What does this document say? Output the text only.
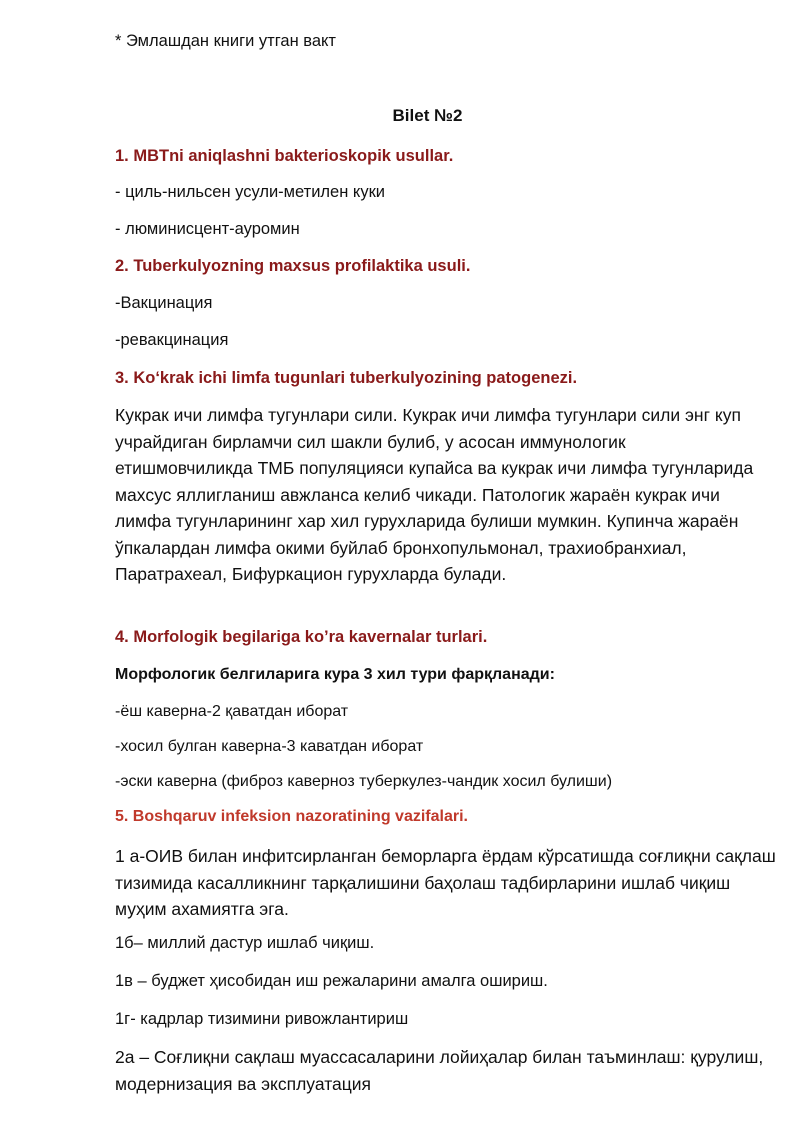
* Эмлашдан книги утган вакт

Bilet №2

1. MBTni aniqlashni bakterioskopik usullar.

- циль-нильсен усули-метилен куки

- люминисцент-ауромин

2. Tuberkulyozning maxsus profilaktika usuli.

-Вакцинация

-ревакцинация

3. Ko‘krak ichi limfa tugunlari tuberkulyozining patogenezi.

Кукрак ичи лимфа тугунлари сили. Кукрак ичи лимфа тугунлари сили энг куп учрайдиган бирламчи сил шакли булиб, у асосан иммунологик етишмовчиликда ТМБ популяцияси купайса ва кукрак ичи лимфа тугунларида махсус яллигланиш авжланса келиб чикади. Патологик жараён кукрак ичи лимфа тугунларининг хар хил гурухларида булиши мумкин. Купинча жараён ўпкалардан лимфа окими буйлаб бронхопульмонал, трахиобранхиал, Паратрахеал, Бифуркацион гурухларда булади.

4. Morfologik begilariga ko’ra kavernalar turlari.

Морфологик белгиларига кура 3 хил тури фарқланади:

-ёш каверна-2 қаватдан иборат

-хосил булган каверна-3 каватдан иборат

-эски каверна (фиброз каверноз туберкулез-чандик хосил булиши)

5. Boshqaruv infeksion nazoratining vazifalari.

1 а-ОИВ билан инфитсирланган беморларга ёрдам кўрсатишда соғлиқни сақлаш тизимида касалликнинг тарқалишини баҳолаш тадбирларини ишлаб чиқиш муҳим ахамиятга эга.

1б– миллий дастур ишлаб чиқиш.

1в – буджет ҳисобидан иш режаларини амалга ошириш.

1г- кадрлар тизимини ривожлантириш

2а – Соғлиқни сақлаш муассасаларини лойиҳалар билан таъминлаш: қурулиш, модернизация ва эксплуатация
